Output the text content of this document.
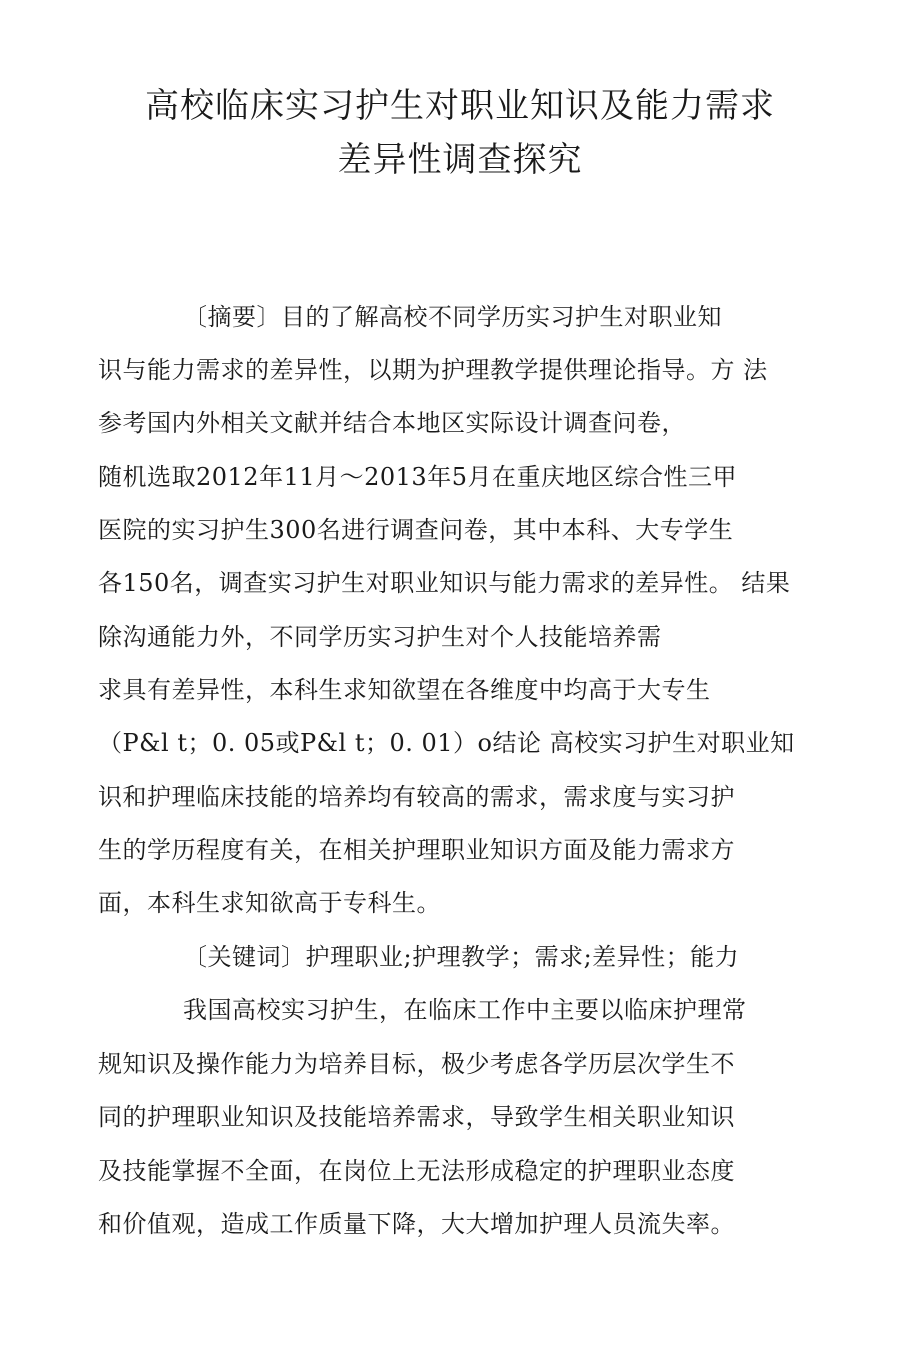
高校临床实习护生对职业知识及能力需求
差异性调查探究
〔摘要〕目的了解高校不同学历实习护生对职业知
识与能力需求的差异性，以期为护理教学提供理论指导。方 法
参考国内外相关文献并结合本地区实际设计调查问卷，
随机选取2012年11月～2013年5月在重庆地区综合性三甲
医院的实习护生300名进行调查问卷，其中本科、大专学生
各150名，调查实习护生对职业知识与能力需求的差异性。 结果
除沟通能力外，不同学历实习护生对个人技能培养需
求具有差异性，本科生求知欲望在各维度中均高于大专生
（P&l t；0. 05或P&l t；0. 01）o结论 高校实习护生对职业知
识和护理临床技能的培养均有较高的需求，需求度与实习护
生的学历程度有关，在相关护理职业知识方面及能力需求方
面，本科生求知欲高于专科生。
〔关键词〕护理职业;护理教学；需求;差异性；能力
我国高校实习护生，在临床工作中主要以临床护理常
规知识及操作能力为培养目标，极少考虑各学历层次学生不
同的护理职业知识及技能培养需求，导致学生相关职业知识
及技能掌握不全面，在岗位上无法形成稳定的护理职业态度
和价值观，造成工作质量下降，大大增加护理人员流失率。
